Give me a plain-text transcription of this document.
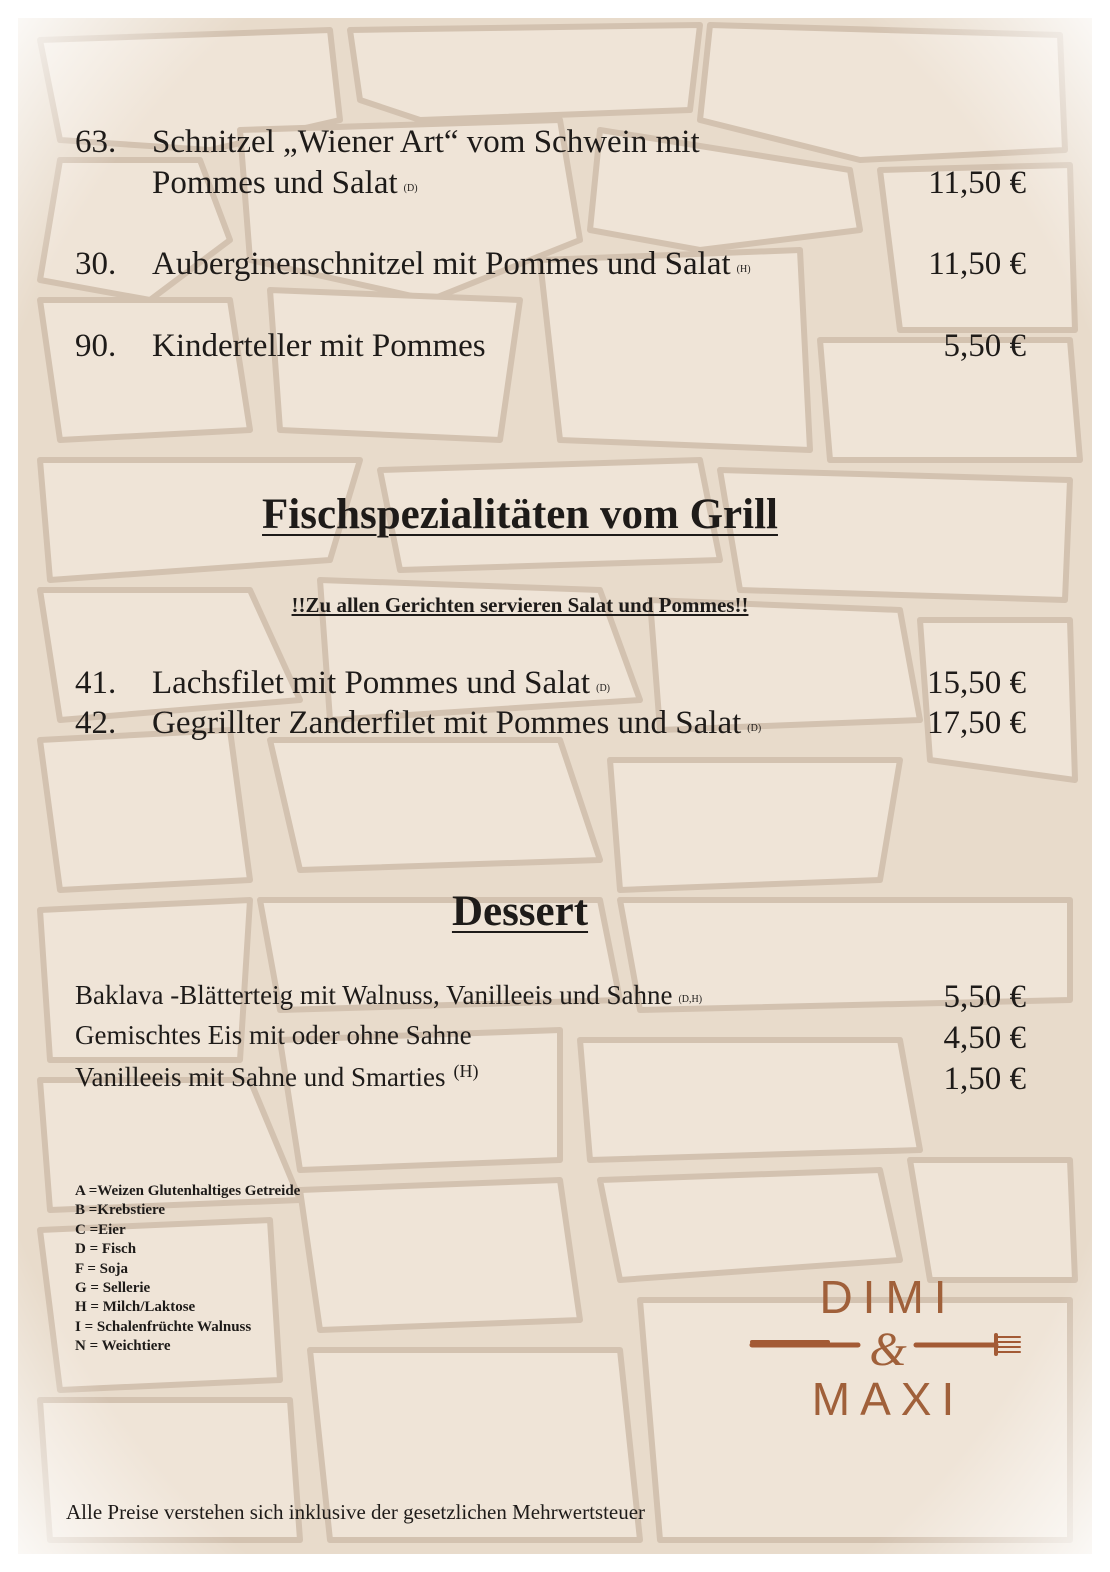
63. Schnitzel „Wiener Art“ vom Schwein mit
Pommes und Salat $^{(D)}$	11,50 €
30. Auberginenschnitzel mit Pommes und Salat $^{(H)}$	11,50 €
90. Kinderteller mit Pommes	5,50 €
Fischspezialitäten vom Grill
!!Zu allen Gerichten servieren Salat und Pommes!!
41. Lachsfilet mit Pommes und Salat $^{(D)}$	15,50 €
42. Gegrillter Zanderfilet mit Pommes und Salat $^{(D)}$	17,50 €
Dessert
Baklava -Blätterteig mit Walnuss, Vanilleeis und Sahne $^{(D,H)}$	5,50 €
Gemischtes Eis mit oder ohne Sahne	4,50 €
Vanilleeis mit Sahne und Smarties $^{(H)}$	1,50 €
A =Weizen Glutenhaltiges Getreide
B =Krebstiere
C =Eier
D = Fisch
F = Soja
G = Sellerie
H = Milch/Laktose
I = Schalenfrüchte Walnuss
N = Weichtiere
DIMI
&
MAXI
Alle Preise verstehen sich inklusive der gesetzlichen Mehrwertsteuer
